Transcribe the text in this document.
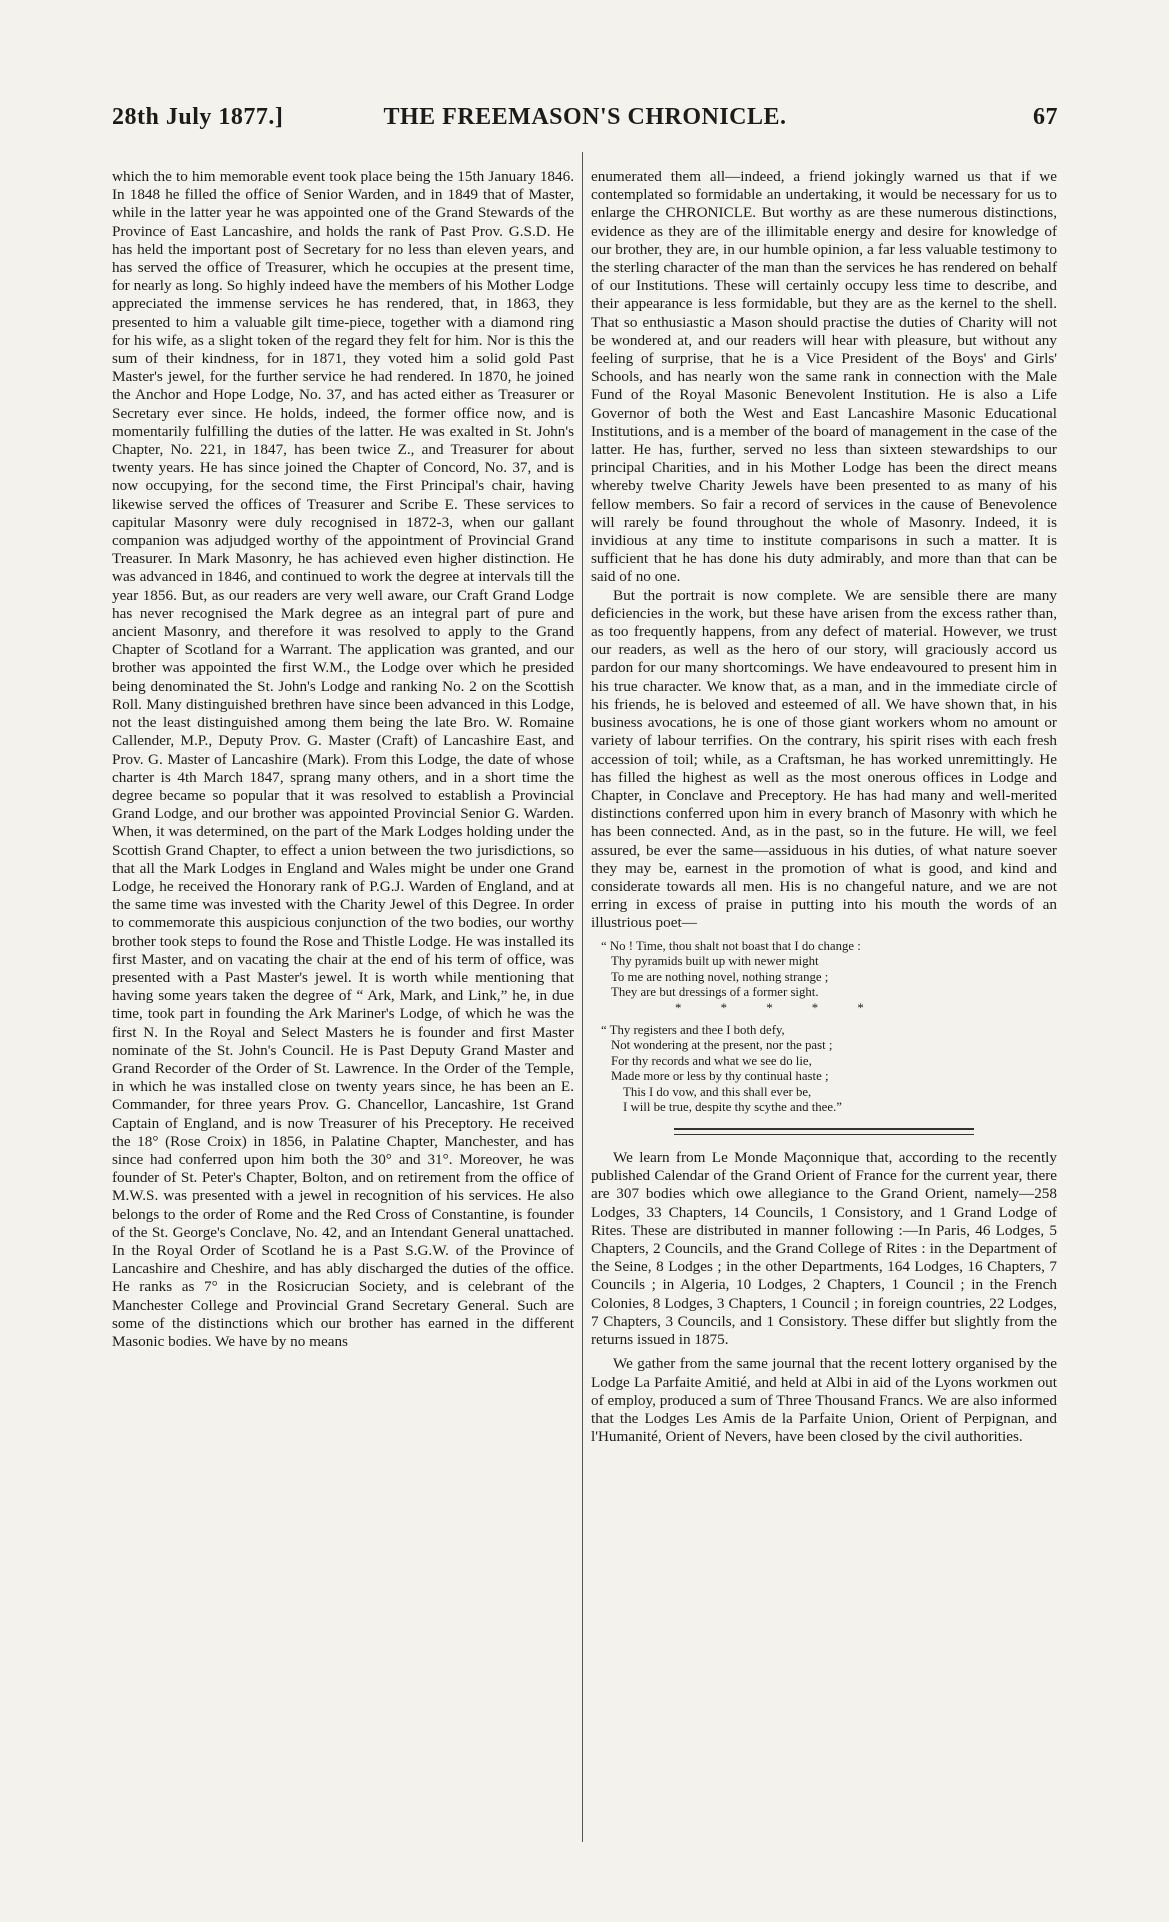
28th July 1877.]	THE FREEMASON'S CHRONICLE.	67

which the to him memorable event took place being the 15th January 1846. In 1848 he filled the office of Senior Warden, and in 1849 that of Master, while in the latter year he was appointed one of the Grand Stewards of the Province of East Lancashire, and holds the rank of Past Prov. G.S.D. He has held the important post of Secretary for no less than eleven years, and has served the office of Treasurer, which he occupies at the present time, for nearly as long. So highly indeed have the members of his Mother Lodge appreciated the immense services he has rendered, that, in 1863, they presented to him a valuable gilt time-piece, together with a diamond ring for his wife, as a slight token of the regard they felt for him. Nor is this the sum of their kindness, for in 1871, they voted him a solid gold Past Master's jewel, for the further service he had rendered. In 1870, he joined the Anchor and Hope Lodge, No. 37, and has acted either as Treasurer or Secretary ever since. He holds, indeed, the former office now, and is momentarily fulfilling the duties of the latter. He was exalted in St. John's Chapter, No. 221, in 1847, has been twice Z., and Treasurer for about twenty years. He has since joined the Chapter of Concord, No. 37, and is now occupying, for the second time, the First Principal's chair, having likewise served the offices of Treasurer and Scribe E. These services to capitular Masonry were duly recognised in 1872-3, when our gallant companion was adjudged worthy of the appointment of Provincial Grand Treasurer. In Mark Masonry, he has achieved even higher distinction. He was advanced in 1846, and continued to work the degree at intervals till the year 1856. But, as our readers are very well aware, our Craft Grand Lodge has never recognised the Mark degree as an integral part of pure and ancient Masonry, and therefore it was resolved to apply to the Grand Chapter of Scotland for a Warrant. The application was granted, and our brother was appointed the first W.M., the Lodge over which he presided being denominated the St. John's Lodge and ranking No. 2 on the Scottish Roll. Many distinguished brethren have since been advanced in this Lodge, not the least distinguished among them being the late Bro. W. Romaine Callender, M.P., Deputy Prov. G. Master (Craft) of Lancashire East, and Prov. G. Master of Lancashire (Mark). From this Lodge, the date of whose charter is 4th March 1847, sprang many others, and in a short time the degree became so popular that it was resolved to establish a Provincial Grand Lodge, and our brother was appointed Provincial Senior G. Warden. When, it was determined, on the part of the Mark Lodges holding under the Scottish Grand Chapter, to effect a union between the two jurisdictions, so that all the Mark Lodges in England and Wales might be under one Grand Lodge, he received the Honorary rank of P.G.J. Warden of England, and at the same time was invested with the Charity Jewel of this Degree. In order to commemorate this auspicious conjunction of the two bodies, our worthy brother took steps to found the Rose and Thistle Lodge. He was installed its first Master, and on vacating the chair at the end of his term of office, was presented with a Past Master's jewel. It is worth while mentioning that having some years taken the degree of “ Ark, Mark, and Link,” he, in due time, took part in founding the Ark Mariner's Lodge, of which he was the first N. In the Royal and Select Masters he is founder and first Master nominate of the St. John's Council. He is Past Deputy Grand Master and Grand Recorder of the Order of St. Lawrence. In the Order of the Temple, in which he was installed close on twenty years since, he has been an E. Commander, for three years Prov. G. Chancellor, Lancashire, 1st Grand Captain of England, and is now Treasurer of his Preceptory. He received the 18° (Rose Croix) in 1856, in Palatine Chapter, Manchester, and has since had conferred upon him both the 30° and 31°. Moreover, he was founder of St. Peter's Chapter, Bolton, and on retirement from the office of M.W.S. was presented with a jewel in recognition of his services. He also belongs to the order of Rome and the Red Cross of Constantine, is founder of the St. George's Conclave, No. 42, and an Intendant General unattached. In the Royal Order of Scotland he is a Past S.G.W. of the Province of Lancashire and Cheshire, and has ably discharged the duties of the office. He ranks as 7° in the Rosicrucian Society, and is celebrant of the Manchester College and Provincial Grand Secretary General. Such are some of the distinctions which our brother has earned in the different Masonic bodies. We have by no means

enumerated them all—indeed, a friend jokingly warned us that if we contemplated so formidable an undertaking, it would be necessary for us to enlarge the CHRONICLE. But worthy as are these numerous distinctions, evidence as they are of the illimitable energy and desire for knowledge of our brother, they are, in our humble opinion, a far less valuable testimony to the sterling character of the man than the services he has rendered on behalf of our Institutions. These will certainly occupy less time to describe, and their appearance is less formidable, but they are as the kernel to the shell. That so enthusiastic a Mason should practise the duties of Charity will not be wondered at, and our readers will hear with pleasure, but without any feeling of surprise, that he is a Vice President of the Boys' and Girls' Schools, and has nearly won the same rank in connection with the Male Fund of the Royal Masonic Benevolent Institution. He is also a Life Governor of both the West and East Lancashire Masonic Educational Institutions, and is a member of the board of management in the case of the latter. He has, further, served no less than sixteen stewardships to our principal Charities, and in his Mother Lodge has been the direct means whereby twelve Charity Jewels have been presented to as many of his fellow members. So fair a record of services in the cause of Benevolence will rarely be found throughout the whole of Masonry. Indeed, it is invidious at any time to institute comparisons in such a matter. It is sufficient that he has done his duty admirably, and more than that can be said of no one.

But the portrait is now complete. We are sensible there are many deficiencies in the work, but these have arisen from the excess rather than, as too frequently happens, from any defect of material. However, we trust our readers, as well as the hero of our story, will graciously accord us pardon for our many shortcomings. We have endeavoured to present him in his true character. We know that, as a man, and in the immediate circle of his friends, he is beloved and esteemed of all. We have shown that, in his business avocations, he is one of those giant workers whom no amount or variety of labour terrifies. On the contrary, his spirit rises with each fresh accession of toil; while, as a Craftsman, he has worked unremittingly. He has filled the highest as well as the most onerous offices in Lodge and Chapter, in Conclave and Preceptory. He has had many and well-merited distinctions conferred upon him in every branch of Masonry with which he has been connected. And, as in the past, so in the future. He will, we feel assured, be ever the same—assiduous in his duties, of what nature soever they may be, earnest in the promotion of what is good, and kind and considerate towards all men. His is no changeful nature, and we are not erring in excess of praise in putting into his mouth the words of an illustrious poet—

“ No ! Time, thou shalt not boast that I do change :
Thy pyramids built up with newer might
To me are nothing novel, nothing strange ;
They are but dressings of a former sight.
* * * * *
“ Thy registers and thee I both defy,
Not wondering at the present, nor the past ;
For thy records and what we see do lie,
Made more or less by thy continual haste ;
This I do vow, and this shall ever be,
I will be true, despite thy scythe and thee.”

We learn from Le Monde Maçonnique that, according to the recently published Calendar of the Grand Orient of France for the current year, there are 307 bodies which owe allegiance to the Grand Orient, namely—258 Lodges, 33 Chapters, 14 Councils, 1 Consistory, and 1 Grand Lodge of Rites. These are distributed in manner following :—In Paris, 46 Lodges, 5 Chapters, 2 Councils, and the Grand College of Rites : in the Department of the Seine, 8 Lodges ; in the other Departments, 164 Lodges, 16 Chapters, 7 Councils ; in Algeria, 10 Lodges, 2 Chapters, 1 Council ; in the French Colonies, 8 Lodges, 3 Chapters, 1 Council ; in foreign countries, 22 Lodges, 7 Chapters, 3 Councils, and 1 Consistory. These differ but slightly from the returns issued in 1875.

We gather from the same journal that the recent lottery organised by the Lodge La Parfaite Amitié, and held at Albi in aid of the Lyons workmen out of employ, produced a sum of Three Thousand Francs. We are also informed that the Lodges Les Amis de la Parfaite Union, Orient of Perpignan, and l'Humanité, Orient of Nevers, have been closed by the civil authorities.
